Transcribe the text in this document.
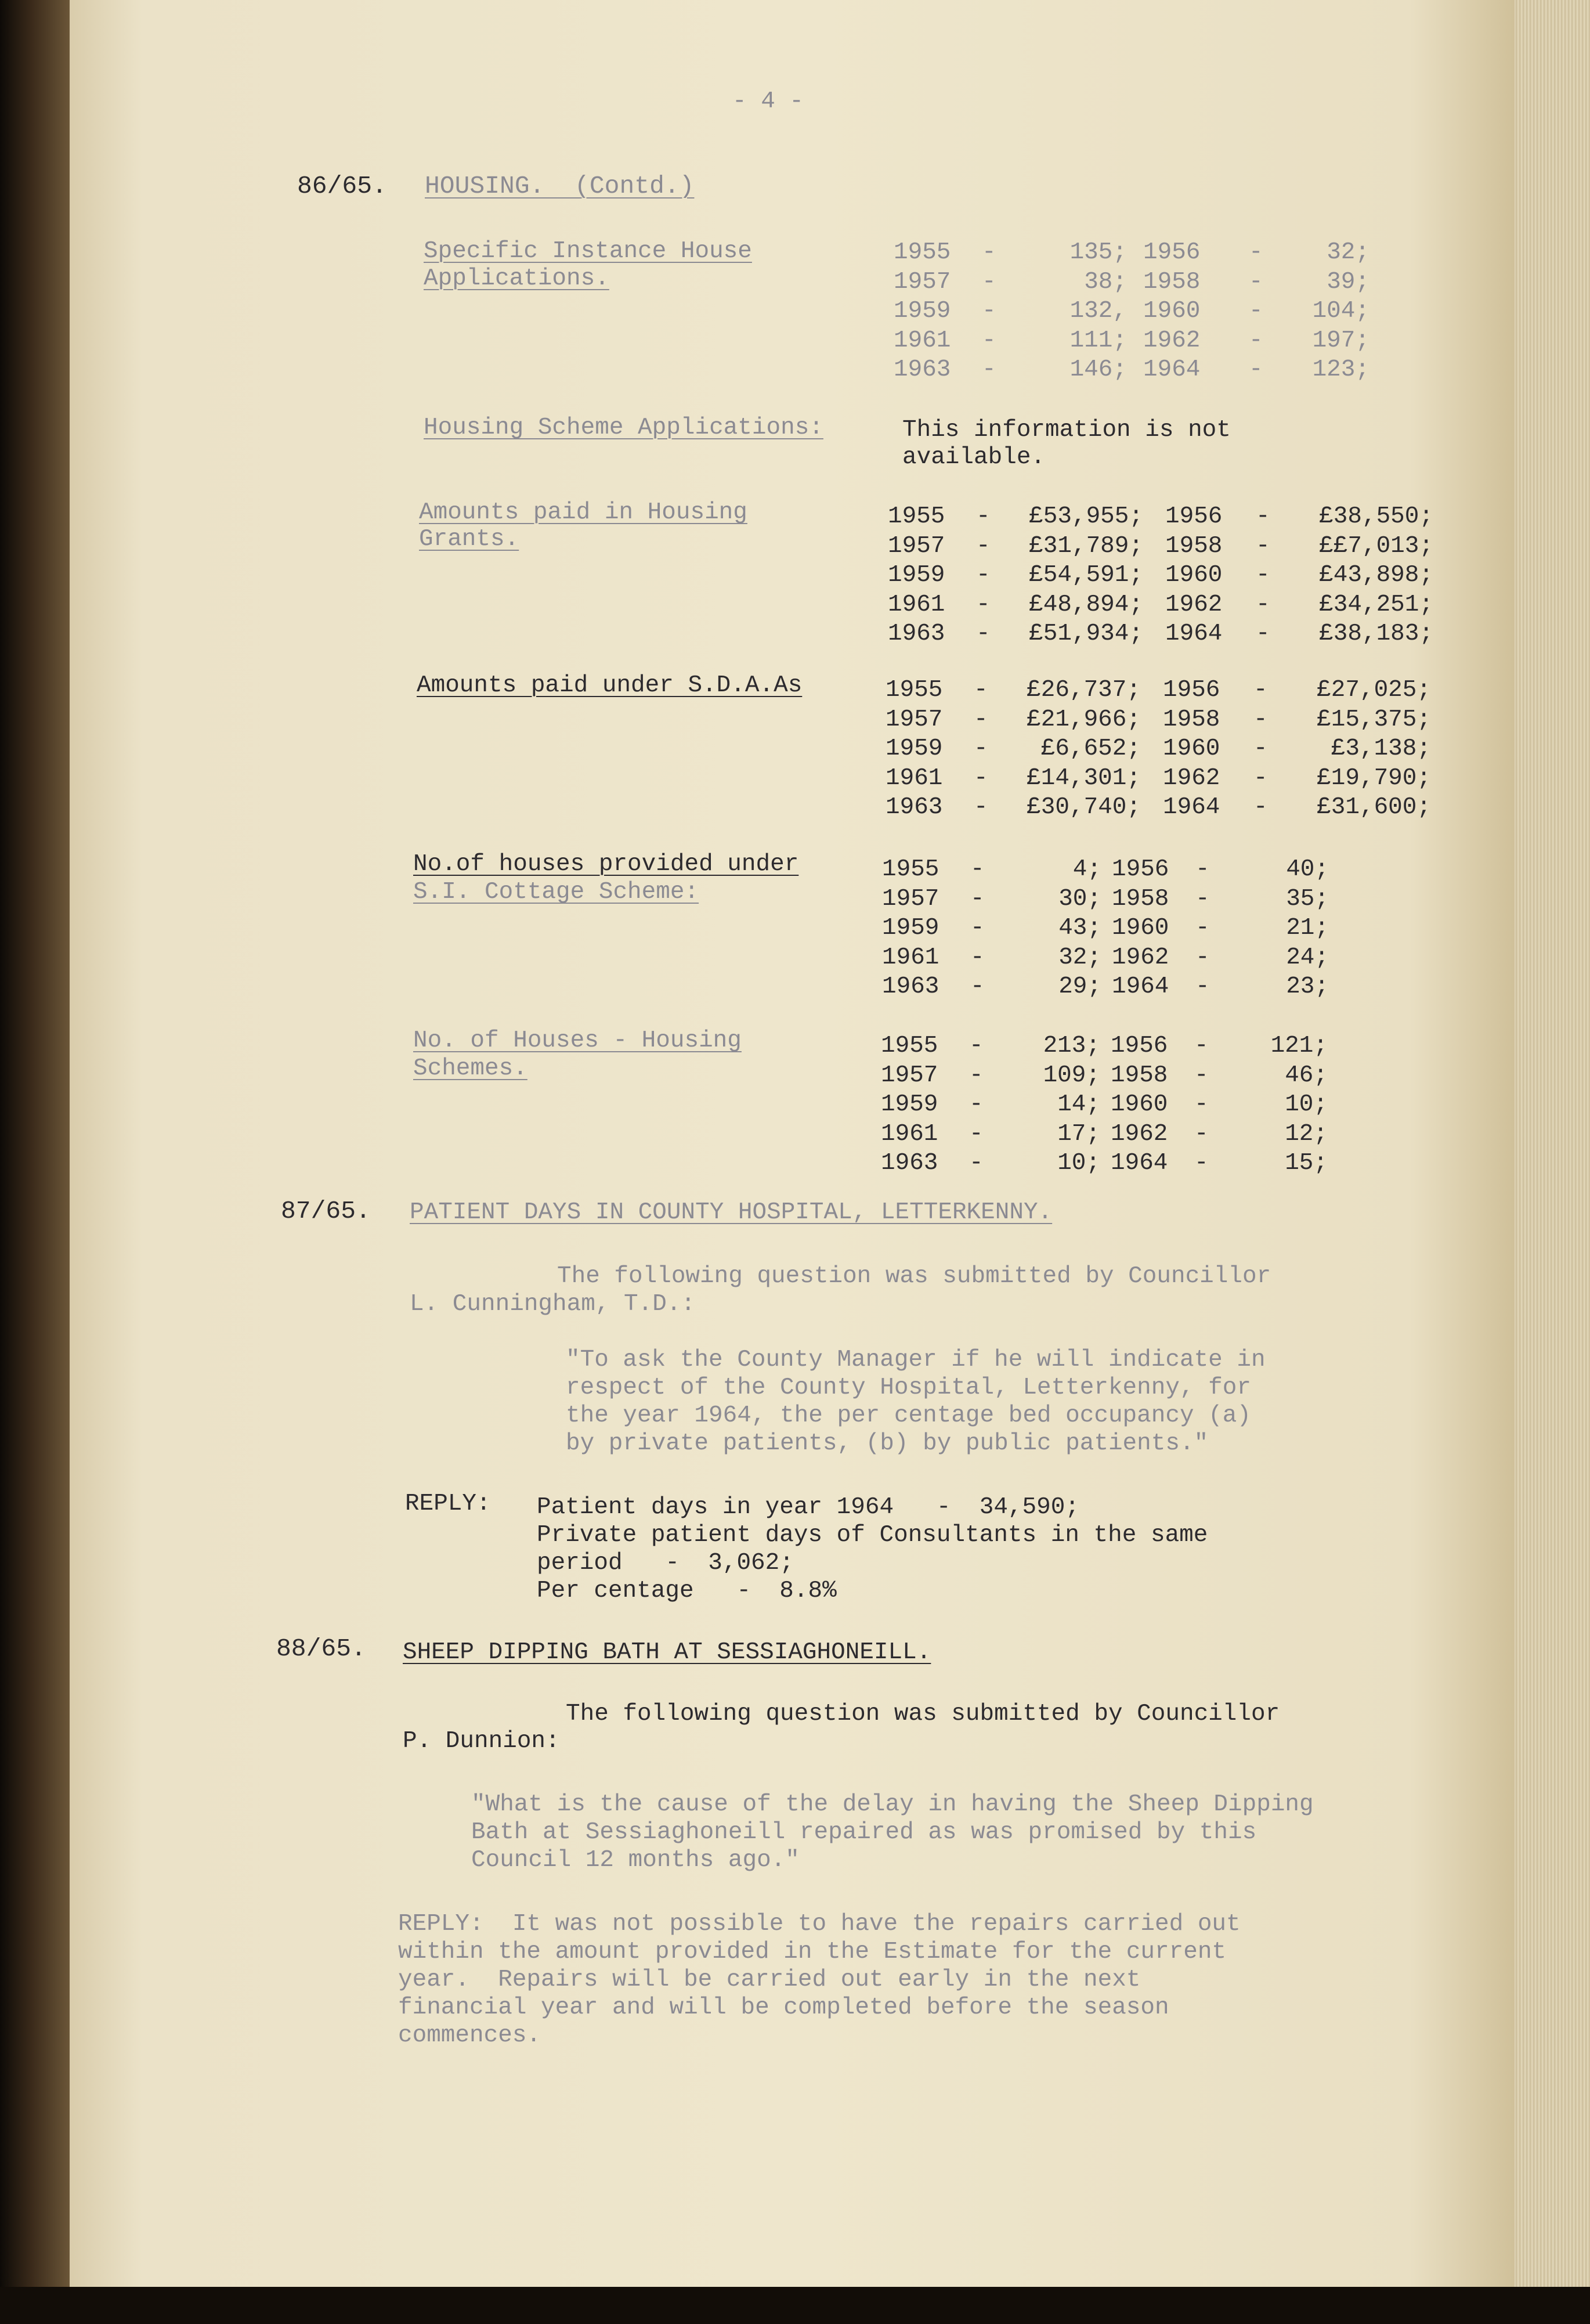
- 4 -
86/65. HOUSING.  (Contd.)
Specific Instance House
Applications.
1955 -	135; 1956 -	32;
1957 -	38; 1958 -	39;
1959 -	132, 1960 -	104;
1961 -	111; 1962 -	197;
1963 -	146; 1964 -	123;
Housing Scheme Applications:	This information is not
available.
Amounts paid in Housing
Grants.
1955 -	£53,955; 1956 -	£38,550;
1957 -	£31,789; 1958 -	££7,013;
1959 -	£54,591; 1960 -	£43,898;
1961 -	£48,894; 1962 -	£34,251;
1963 -	£51,934; 1964 -	£38,183;
Amounts paid under S.D.A.As	1955 -	£26,737; 1956 -	£27,025;
1957 -	£21,966; 1958 -	£15,375;
1959 -	£6,652; 1960 -	£3,138;
1961 -	£14,301; 1962 -	£19,790;
1963 -	£30,740; 1964 -	£31,600;
No.of houses provided under
S.I. Cottage Scheme:
1955 -	4; 1956 -	40;
1957 -	30; 1958 -	35;
1959 -	43; 1960 -	21;
1961 -	32; 1962 -	24;
1963 -	29; 1964 -	23;
No. of Houses - Housing
Schemes.
1955 -	213; 1956 -	121;
1957 -	109; 1958 -	46;
1959 -	14; 1960 -	10;
1961 -	17; 1962 -	12;
1963 -	10; 1964 -	15;
87/65. PATIENT DAYS IN COUNTY HOSPITAL, LETTERKENNY.
The following question was submitted by Councillor
L. Cunningham, T.D.:
"To ask the County Manager if he will indicate in
respect of the County Hospital, Letterkenny, for
the year 1964, the per centage bed occupancy (a)
by private patients, (b) by public patients."
REPLY: Patient days in year 1964   -  34,590;
Private patient days of Consultants in the same
period   -  3,062;
Per centage   -  8.8%
88/65. SHEEP DIPPING BATH AT SESSIAGHONEILL.
The following question was submitted by Councillor
P. Dunnion:
"What is the cause of the delay in having the Sheep Dipping
Bath at Sessiaghoneill repaired as was promised by this
Council 12 months ago."
REPLY:  It was not possible to have the repairs carried out
within the amount provided in the Estimate for the current
year.  Repairs will be carried out early in the next
financial year and will be completed before the season
commences.
